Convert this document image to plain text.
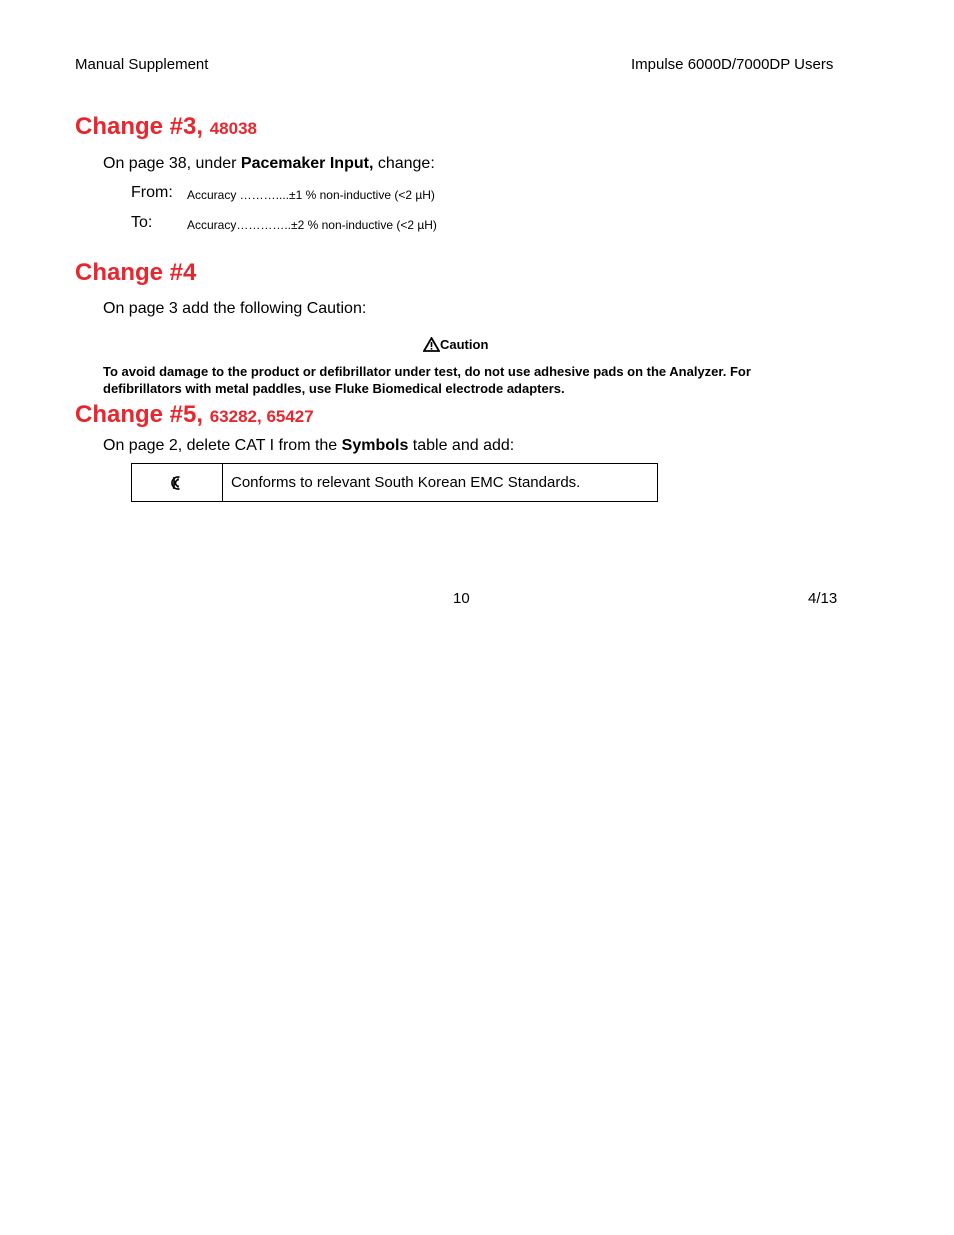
Manual Supplement	Impulse 6000D/7000DP Users
Change #3, 48038
On page 38, under Pacemaker Input, change:
From: Accuracy ………....±1 % non-inductive (<2 µH)
To:	Accuracy…………..±2 % non-inductive (<2 µH)
Change #4
On page 3 add the following Caution:
Caution
To avoid damage to the product or defibrillator under test, do not use adhesive pads on the Analyzer. For defibrillators with metal paddles, use Fluke Biomedical electrode adapters.
Change #5, 63282, 65427
On page 2, delete CAT I from the Symbols table and add:
	Conforms to relevant South Korean EMC Standards.
10	4/13
